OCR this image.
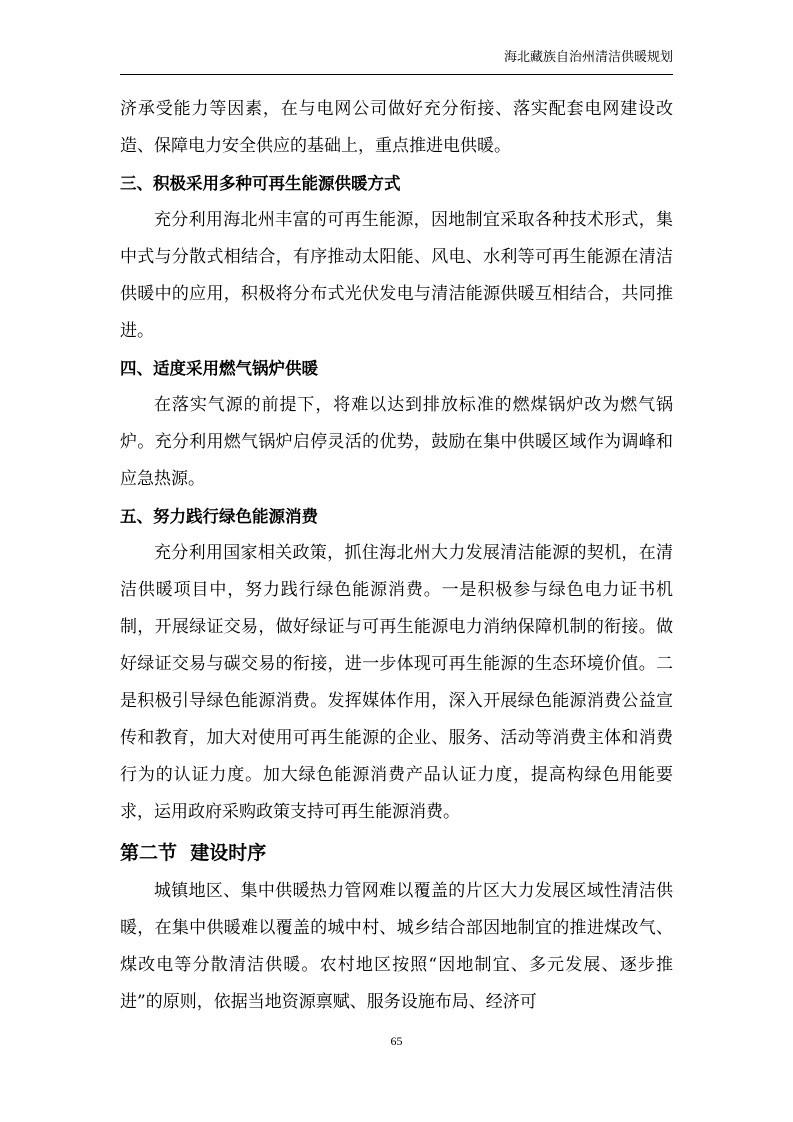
海北藏族自治州清洁供暖规划

济承受能力等因素，在与电网公司做好充分衔接、落实配套电网建设改造、保障电力安全供应的基础上，重点推进电供暖。

三、积极采用多种可再生能源供暖方式

充分利用海北州丰富的可再生能源，因地制宜采取各种技术形式，集中式与分散式相结合，有序推动太阳能、风电、水利等可再生能源在清洁供暖中的应用，积极将分布式光伏发电与清洁能源供暖互相结合，共同推进。

四、适度采用燃气锅炉供暖

在落实气源的前提下，将难以达到排放标准的燃煤锅炉改为燃气锅炉。充分利用燃气锅炉启停灵活的优势，鼓励在集中供暖区域作为调峰和应急热源。

五、努力践行绿色能源消费

充分利用国家相关政策，抓住海北州大力发展清洁能源的契机，在清洁供暖项目中，努力践行绿色能源消费。一是积极参与绿色电力证书机制，开展绿证交易，做好绿证与可再生能源电力消纳保障机制的衔接。做好绿证交易与碳交易的衔接，进一步体现可再生能源的生态环境价值。二是积极引导绿色能源消费。发挥媒体作用，深入开展绿色能源消费公益宣传和教育，加大对使用可再生能源的企业、服务、活动等消费主体和消费行为的认证力度。加大绿色能源消费产品认证力度，提高构绿色用能要求，运用政府采购政策支持可再生能源消费。

第二节  建设时序

城镇地区、集中供暖热力管网难以覆盖的片区大力发展区域性清洁供暖，在集中供暖难以覆盖的城中村、城乡结合部因地制宜的推进煤改气、煤改电等分散清洁供暖。农村地区按照“因地制宜、多元发展、逐步推进”的原则，依据当地资源禀赋、服务设施布局、经济可

65
